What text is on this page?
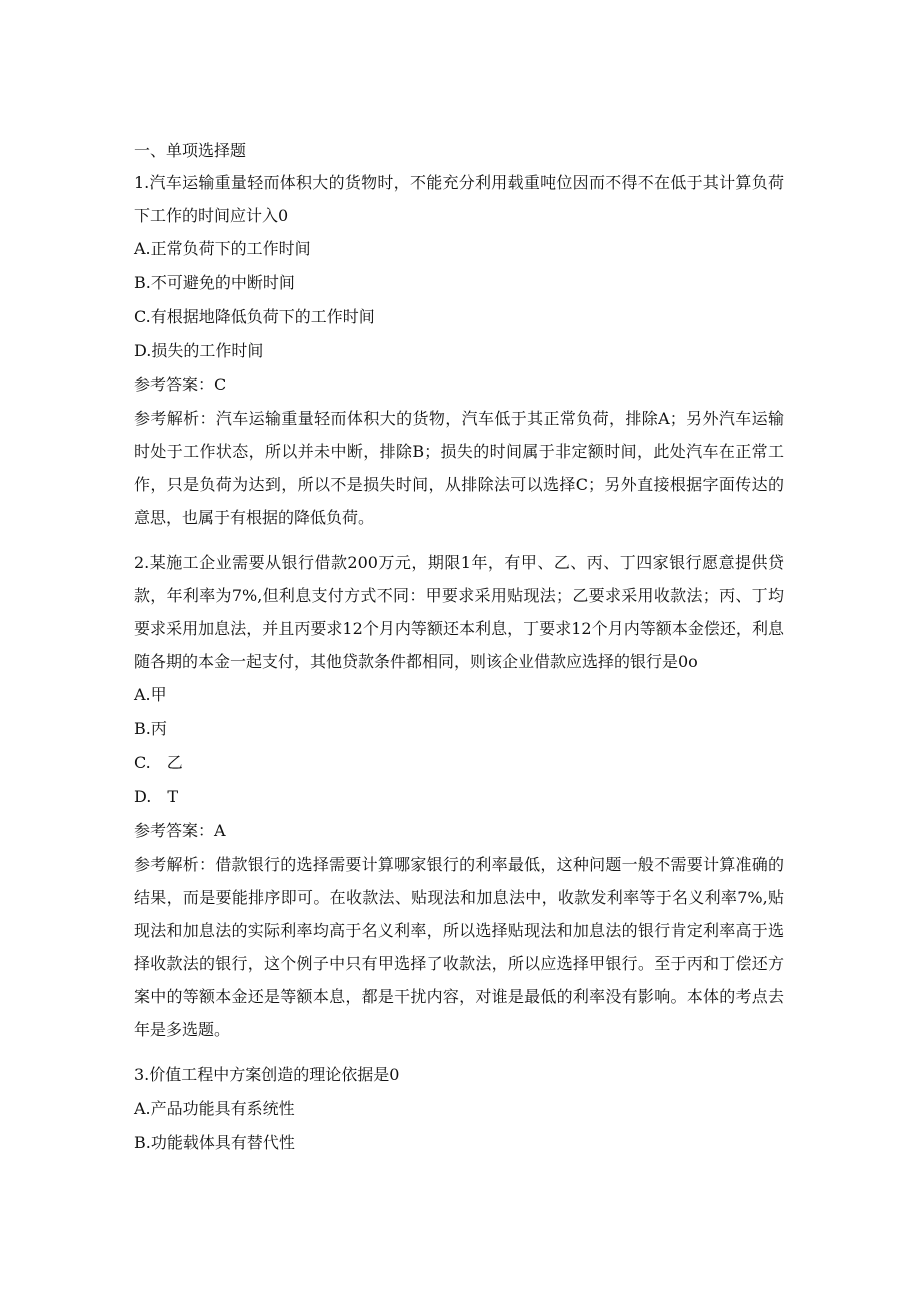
一、单项选择题

1.汽车运输重量轻而体积大的货物时，不能充分利用载重吨位因而不得不在低于其计算负荷下工作的时间应计入0

A.正常负荷下的工作时间

B.不可避免的中断时间

C.有根据地降低负荷下的工作时间

D.损失的工作时间

参考答案：C

参考解析：汽车运输重量轻而体积大的货物，汽车低于其正常负荷，排除A；另外汽车运输时处于工作状态，所以并未中断，排除B；损失的时间属于非定额时间，此处汽车在正常工作，只是负荷为达到，所以不是损失时间，从排除法可以选择C；另外直接根据字面传达的意思，也属于有根据的降低负荷。

2.某施工企业需要从银行借款200万元，期限1年，有甲、乙、丙、丁四家银行愿意提供贷款，年利率为7%,但利息支付方式不同：甲要求采用贴现法；乙要求采用收款法；丙、丁均要求采用加息法，并且丙要求12个月内等额还本利息，丁要求12个月内等额本金偿还，利息随各期的本金一起支付，其他贷款条件都相同，则该企业借款应选择的银行是0o

A.甲

B.丙

C.　乙

D.　T

参考答案：A

参考解析：借款银行的选择需要计算哪家银行的利率最低，这种问题一般不需要计算准确的结果，而是要能排序即可。在收款法、贴现法和加息法中，收款发利率等于名义利率7%,贴现法和加息法的实际利率均高于名义利率，所以选择贴现法和加息法的银行肯定利率高于选择收款法的银行，这个例子中只有甲选择了收款法，所以应选择甲银行。至于丙和丁偿还方案中的等额本金还是等额本息，都是干扰内容，对谁是最低的利率没有影响。本体的考点去年是多选题。

3.价值工程中方案创造的理论依据是0

A.产品功能具有系统性

B.功能载体具有替代性
